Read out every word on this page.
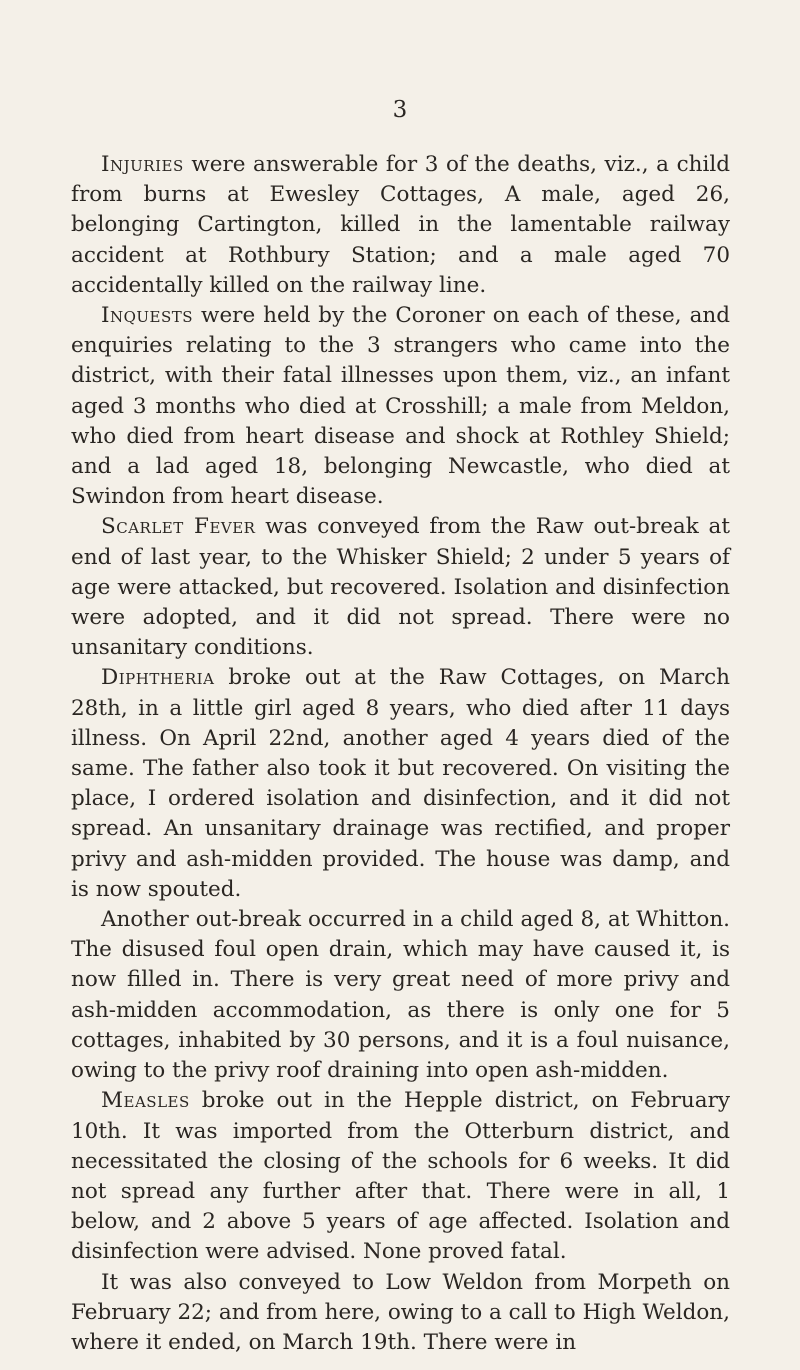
3

Injuries were answerable for 3 of the deaths, viz., a child from burns at Ewesley Cottages, A male, aged 26, belonging Cartington, killed in the lamentable railway accident at Rothbury Station; and a male aged 70 accidentally killed on the railway line.

Inquests were held by the Coroner on each of these, and enquiries relating to the 3 strangers who came into the district, with their fatal illnesses upon them, viz., an infant aged 3 months who died at Crosshill; a male from Meldon, who died from heart disease and shock at Rothley Shield; and a lad aged 18, belonging Newcastle, who died at Swindon from heart disease.

Scarlet Fever was conveyed from the Raw out-break at end of last year, to the Whisker Shield; 2 under 5 years of age were attacked, but recovered. Isolation and disinfection were adopted, and it did not spread. There were no unsanitary conditions.

Diphtheria broke out at the Raw Cottages, on March 28th, in a little girl aged 8 years, who died after 11 days illness. On April 22nd, another aged 4 years died of the same. The father also took it but recovered. On visiting the place, I ordered isolation and disinfection, and it did not spread. An unsanitary drainage was rectified, and proper privy and ash-midden provided. The house was damp, and is now spouted.

Another out-break occurred in a child aged 8, at Whitton. The disused foul open drain, which may have caused it, is now filled in. There is very great need of more privy and ash-midden accommodation, as there is only one for 5 cottages, inhabited by 30 persons, and it is a foul nuisance, owing to the privy roof draining into open ash-midden.

Measles broke out in the Hepple district, on February 10th. It was imported from the Otterburn district, and necessitated the closing of the schools for 6 weeks. It did not spread any further after that. There were in all, 1 below, and 2 above 5 years of age affected. Isolation and disinfection were advised. None proved fatal.

It was also conveyed to Low Weldon from Morpeth on February 22; and from here, owing to a call to High Weldon, where it ended, on March 19th. There were in
